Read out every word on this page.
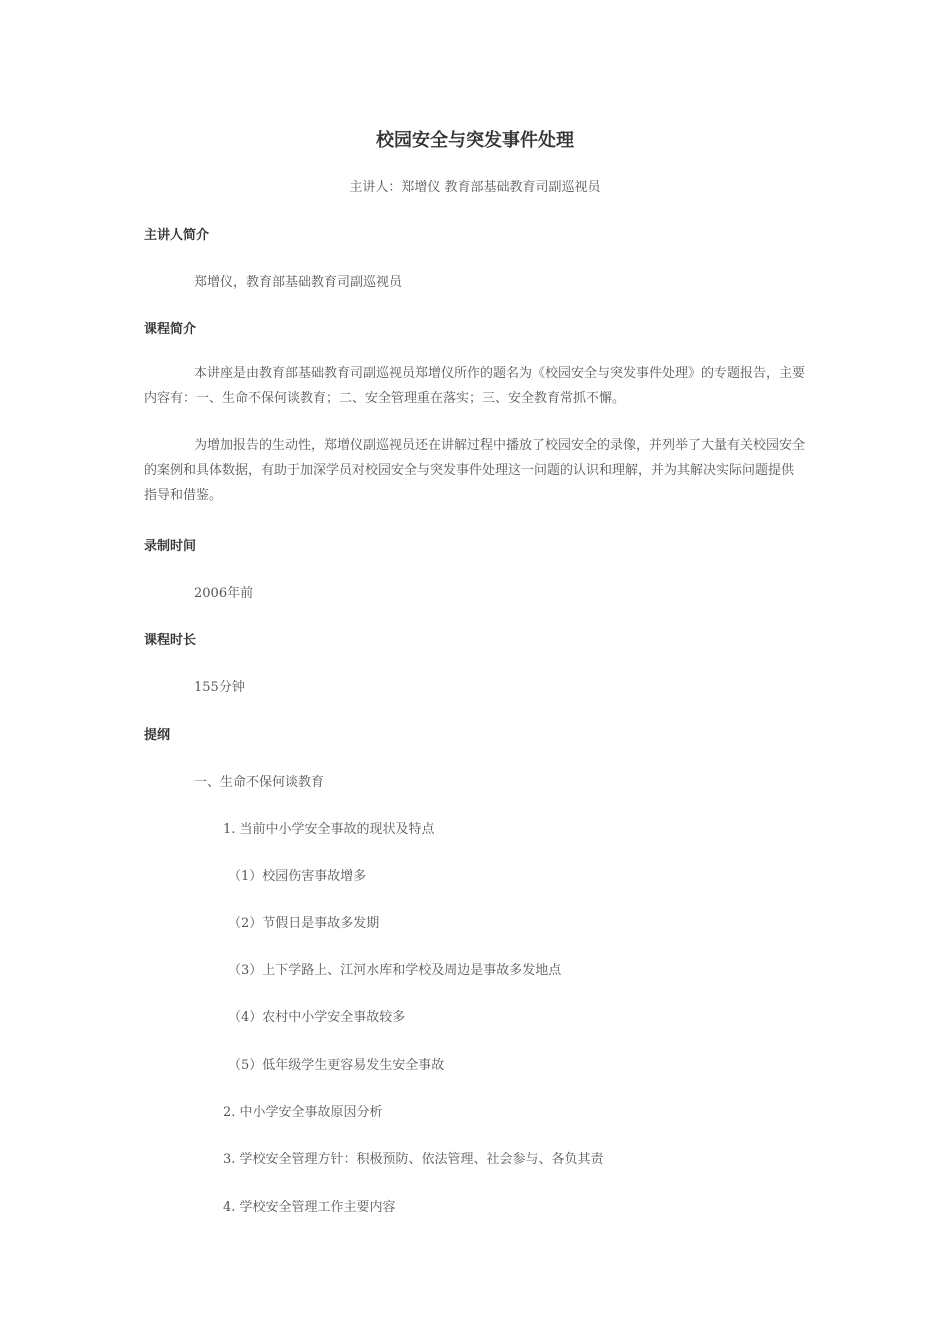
校园安全与突发事件处理
主讲人：郑增仪 教育部基础教育司副巡视员
主讲人简介
郑增仪，教育部基础教育司副巡视员
课程简介
本讲座是由教育部基础教育司副巡视员郑增仪所作的题名为《校园安全与突发事件处理》的专题报告，主要内容有：一、生命不保何谈教育；二、安全管理重在落实；三、安全教育常抓不懈。
为增加报告的生动性，郑增仪副巡视员还在讲解过程中播放了校园安全的录像，并列举了大量有关校园安全的案例和具体数据，有助于加深学员对校园安全与突发事件处理这一问题的认识和理解，并为其解决实际问题提供指导和借鉴。
录制时间
2006年前
课程时长
155分钟
提纲
一、生命不保何谈教育
1. 当前中小学安全事故的现状及特点
（1）校园伤害事故增多
（2）节假日是事故多发期
（3）上下学路上、江河水库和学校及周边是事故多发地点
（4）农村中小学安全事故较多
（5）低年级学生更容易发生安全事故
2. 中小学安全事故原因分析
3. 学校安全管理方针：积极预防、依法管理、社会参与、各负其责
4. 学校安全管理工作主要内容
